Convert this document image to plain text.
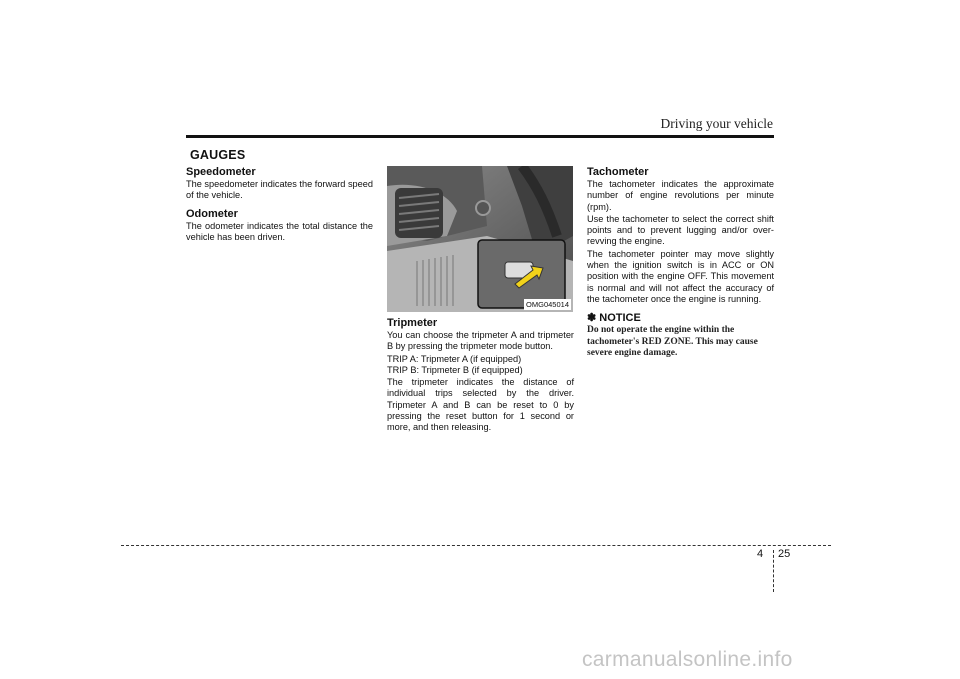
Driving your vehicle
GAUGES
Speedometer

The speedometer indicates the forward speed of the vehicle.

Odometer

The odometer indicates the total distance the vehicle has been driven.

OMG045014
Tripmeter

You can choose the tripmeter A and tripmeter B by pressing the tripmeter mode button.

TRIP A: Tripmeter A (if equipped)

TRIP B: Tripmeter B (if equipped)

The tripmeter indicates the distance of individual trips selected by the driver. Tripmeter A and B can be reset to 0 by pressing the reset button for 1 second or more, and then releasing.

Tachometer

The tachometer indicates the approximate number of engine revolutions per minute (rpm).

Use the tachometer to select the correct shift points and to prevent lugging and/or over-revving the engine.

The tachometer pointer may move slightly when the ignition switch is in ACC or ON position with the engine OFF. This movement is normal and will not affect the accuracy of the tachometer once the engine is running.

✽ NOTICE
Do not operate the engine within the tachometer's RED ZONE. This may cause severe engine damage.
4 25
carmanualsonline.info
